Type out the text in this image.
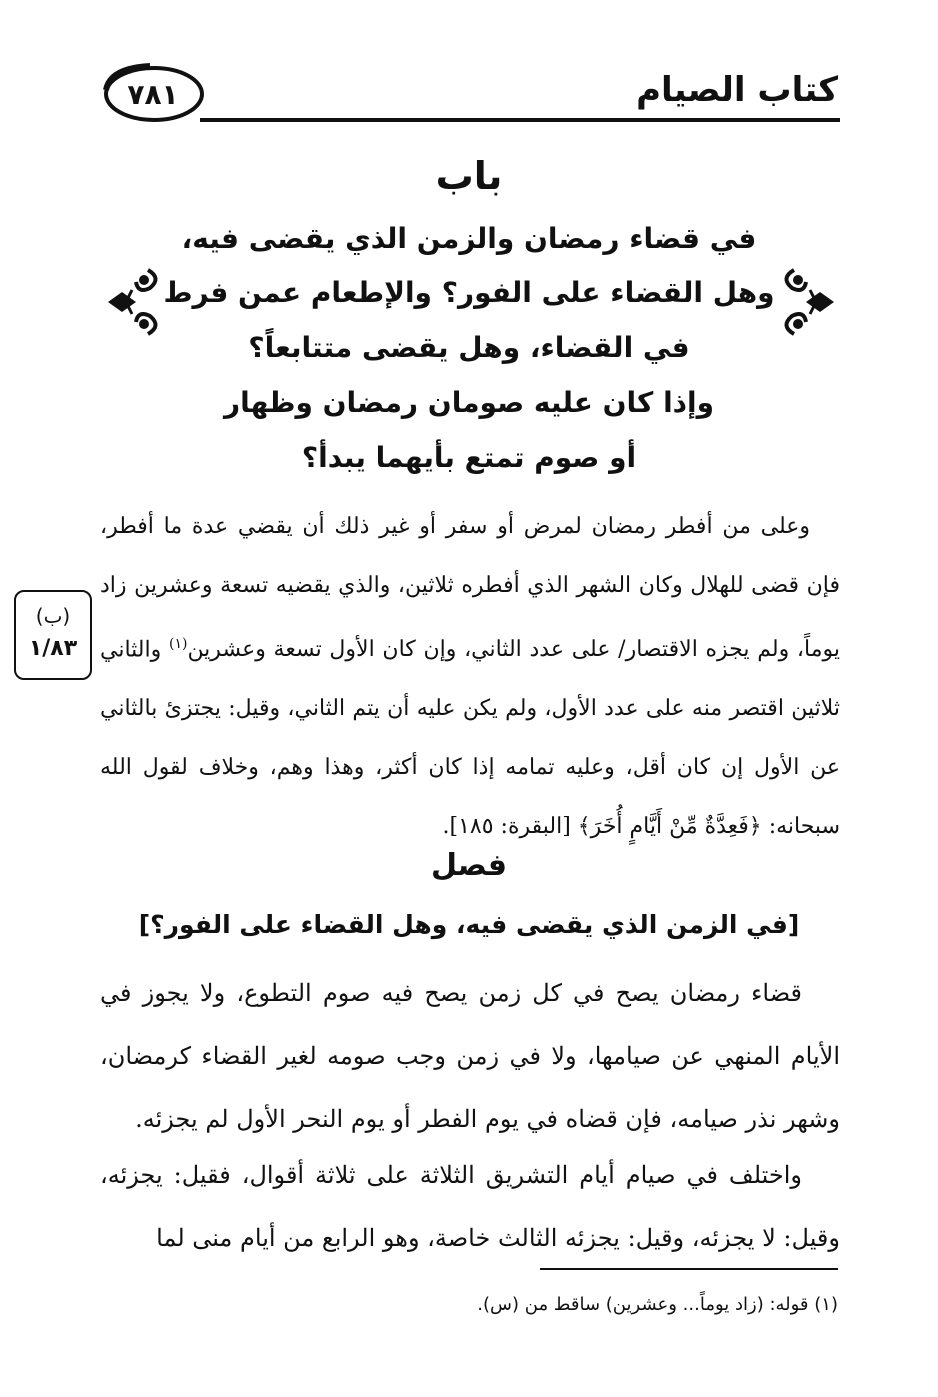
كتاب الصيام
٧٨١
باب
في قضاء رمضان والزمن الذي يقضى فيه،
وهل القضاء على الفور؟ والإطعام عمن فرط
في القضاء، وهل يقضى متتابعاً؟
وإذا كان عليه صومان رمضان وظهار
أو صوم تمتع بأيهما يبدأ؟
وعلى من أفطر رمضان لمرض أو سفر أو غير ذلك أن يقضي عدة ما أفطر، فإن قضى للهلال وكان الشهر الذي أفطره ثلاثين، والذي يقضيه تسعة وعشرين زاد يوماً، ولم يجزه الاقتصار/ على عدد الثاني، وإن كان الأول تسعة وعشرين$^{(١)}$ والثاني ثلاثين اقتصر منه على عدد الأول، ولم يكن عليه أن يتم الثاني، وقيل: يجتزئ بالثاني عن الأول إن كان أقل، وعليه تمامه إذا كان أكثر، وهذا وهم، وخلاف لقول الله سبحانه: ﴿فَعِدَّةٌ مِّنْ أَيَّامٍ أُخَرَ﴾ [البقرة: ١٨٥].
(ب)
١/٨٣
فصل
[في الزمن الذي يقضى فيه، وهل القضاء على الفور؟]
قضاء رمضان يصح في كل زمن يصح فيه صوم التطوع، ولا يجوز في الأيام المنهي عن صيامها، ولا في زمن وجب صومه لغير القضاء كرمضان، وشهر نذر صيامه، فإن قضاه في يوم الفطر أو يوم النحر الأول لم يجزئه.
واختلف في صيام أيام التشريق الثلاثة على ثلاثة أقوال، فقيل: يجزئه، وقيل: لا يجزئه، وقيل: يجزئه الثالث خاصة، وهو الرابع من أيام منى لما
(١) قوله: (زاد يوماً... وعشرين) ساقط من (س).
